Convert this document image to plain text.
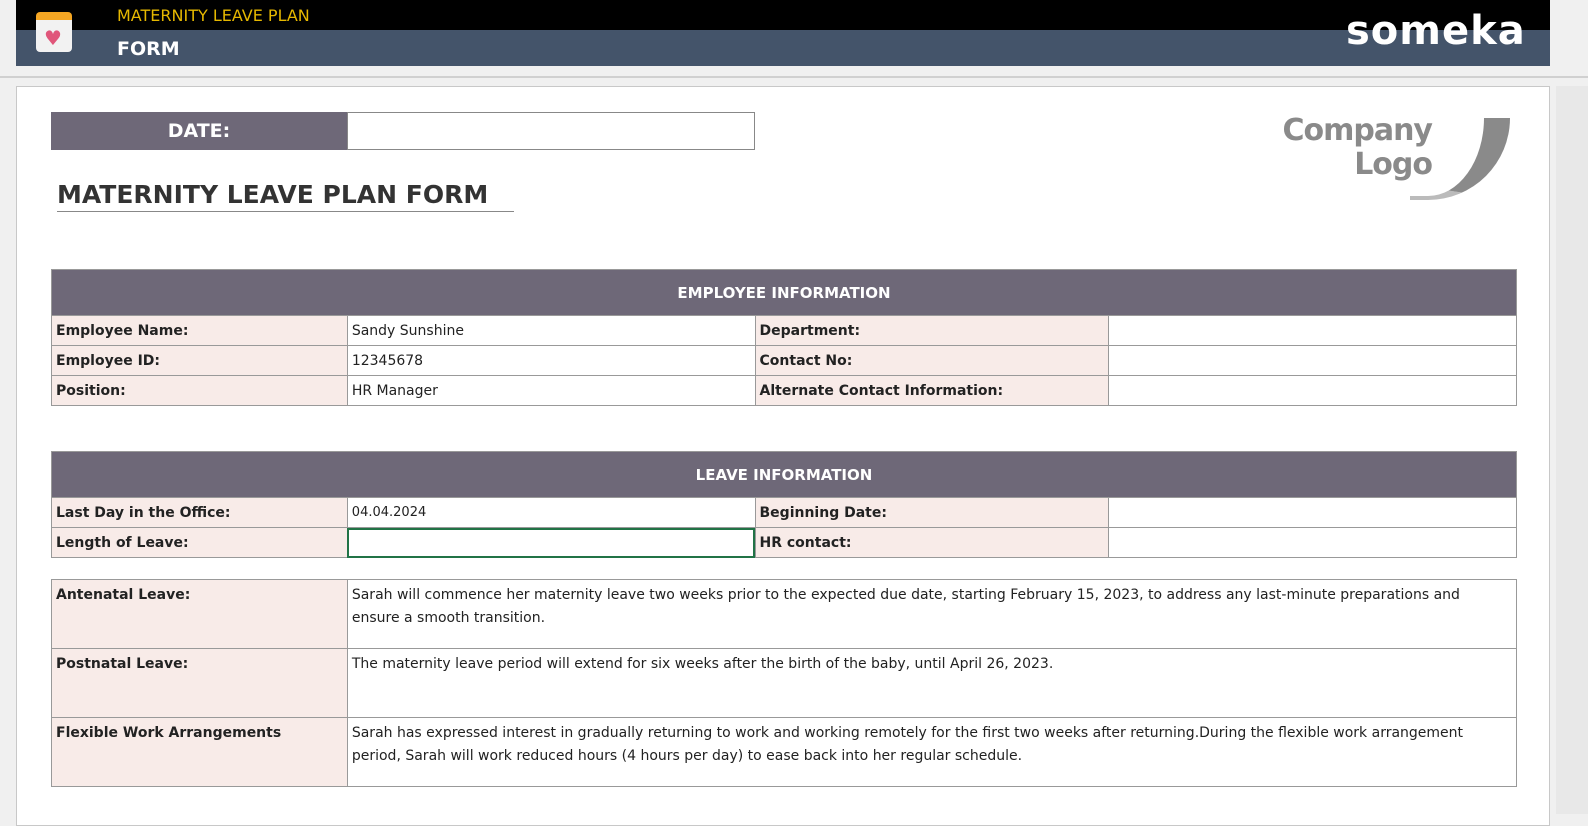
♥
MATERNITY LEAVE PLAN
FORM	someka
DATE:
MATERNITY LEAVE PLAN FORM
Company
Logo
EMPLOYEE INFORMATION			
Employee Name:	Sandy Sunshine	Department:	
Employee ID:	12345678	Contact No:	
Position:	HR Manager	Alternate Contact Information:	
LEAVE INFORMATION			
Last Day in the Office:	04.04.2024	Beginning Date:	
Length of Leave:		HR contact:	
Antenatal Leave:	Sarah will commence her maternity leave two weeks prior to the expected due date, starting February 15, 2023, to address any last-minute preparations and ensure a smooth transition.
Postnatal Leave:	The maternity leave period will extend for six weeks after the birth of the baby, until April 26, 2023.
Flexible Work Arrangements	Sarah has expressed interest in gradually returning to work and working remotely for the first two weeks after returning.During the flexible work arrangement period, Sarah will work reduced hours (4 hours per day) to ease back into her regular schedule.
